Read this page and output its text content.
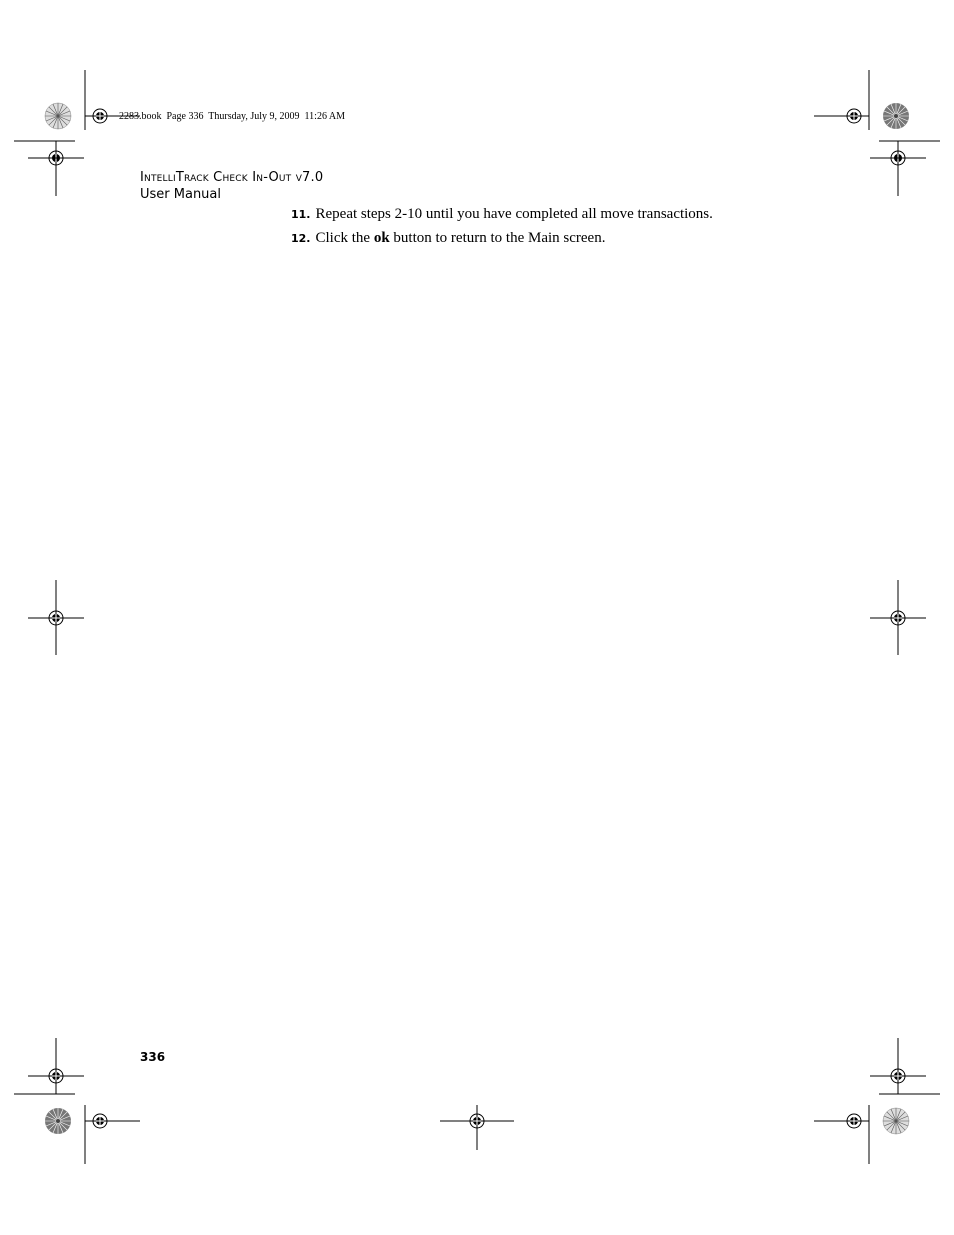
2283.book  Page 336  Thursday, July 9, 2009  11:26 AM
IntelliTrack Check In-Out v7.0
User Manual
11. Repeat steps 2-10 until you have completed all move transactions.
12. Click the ok button to return to the Main screen.
336
